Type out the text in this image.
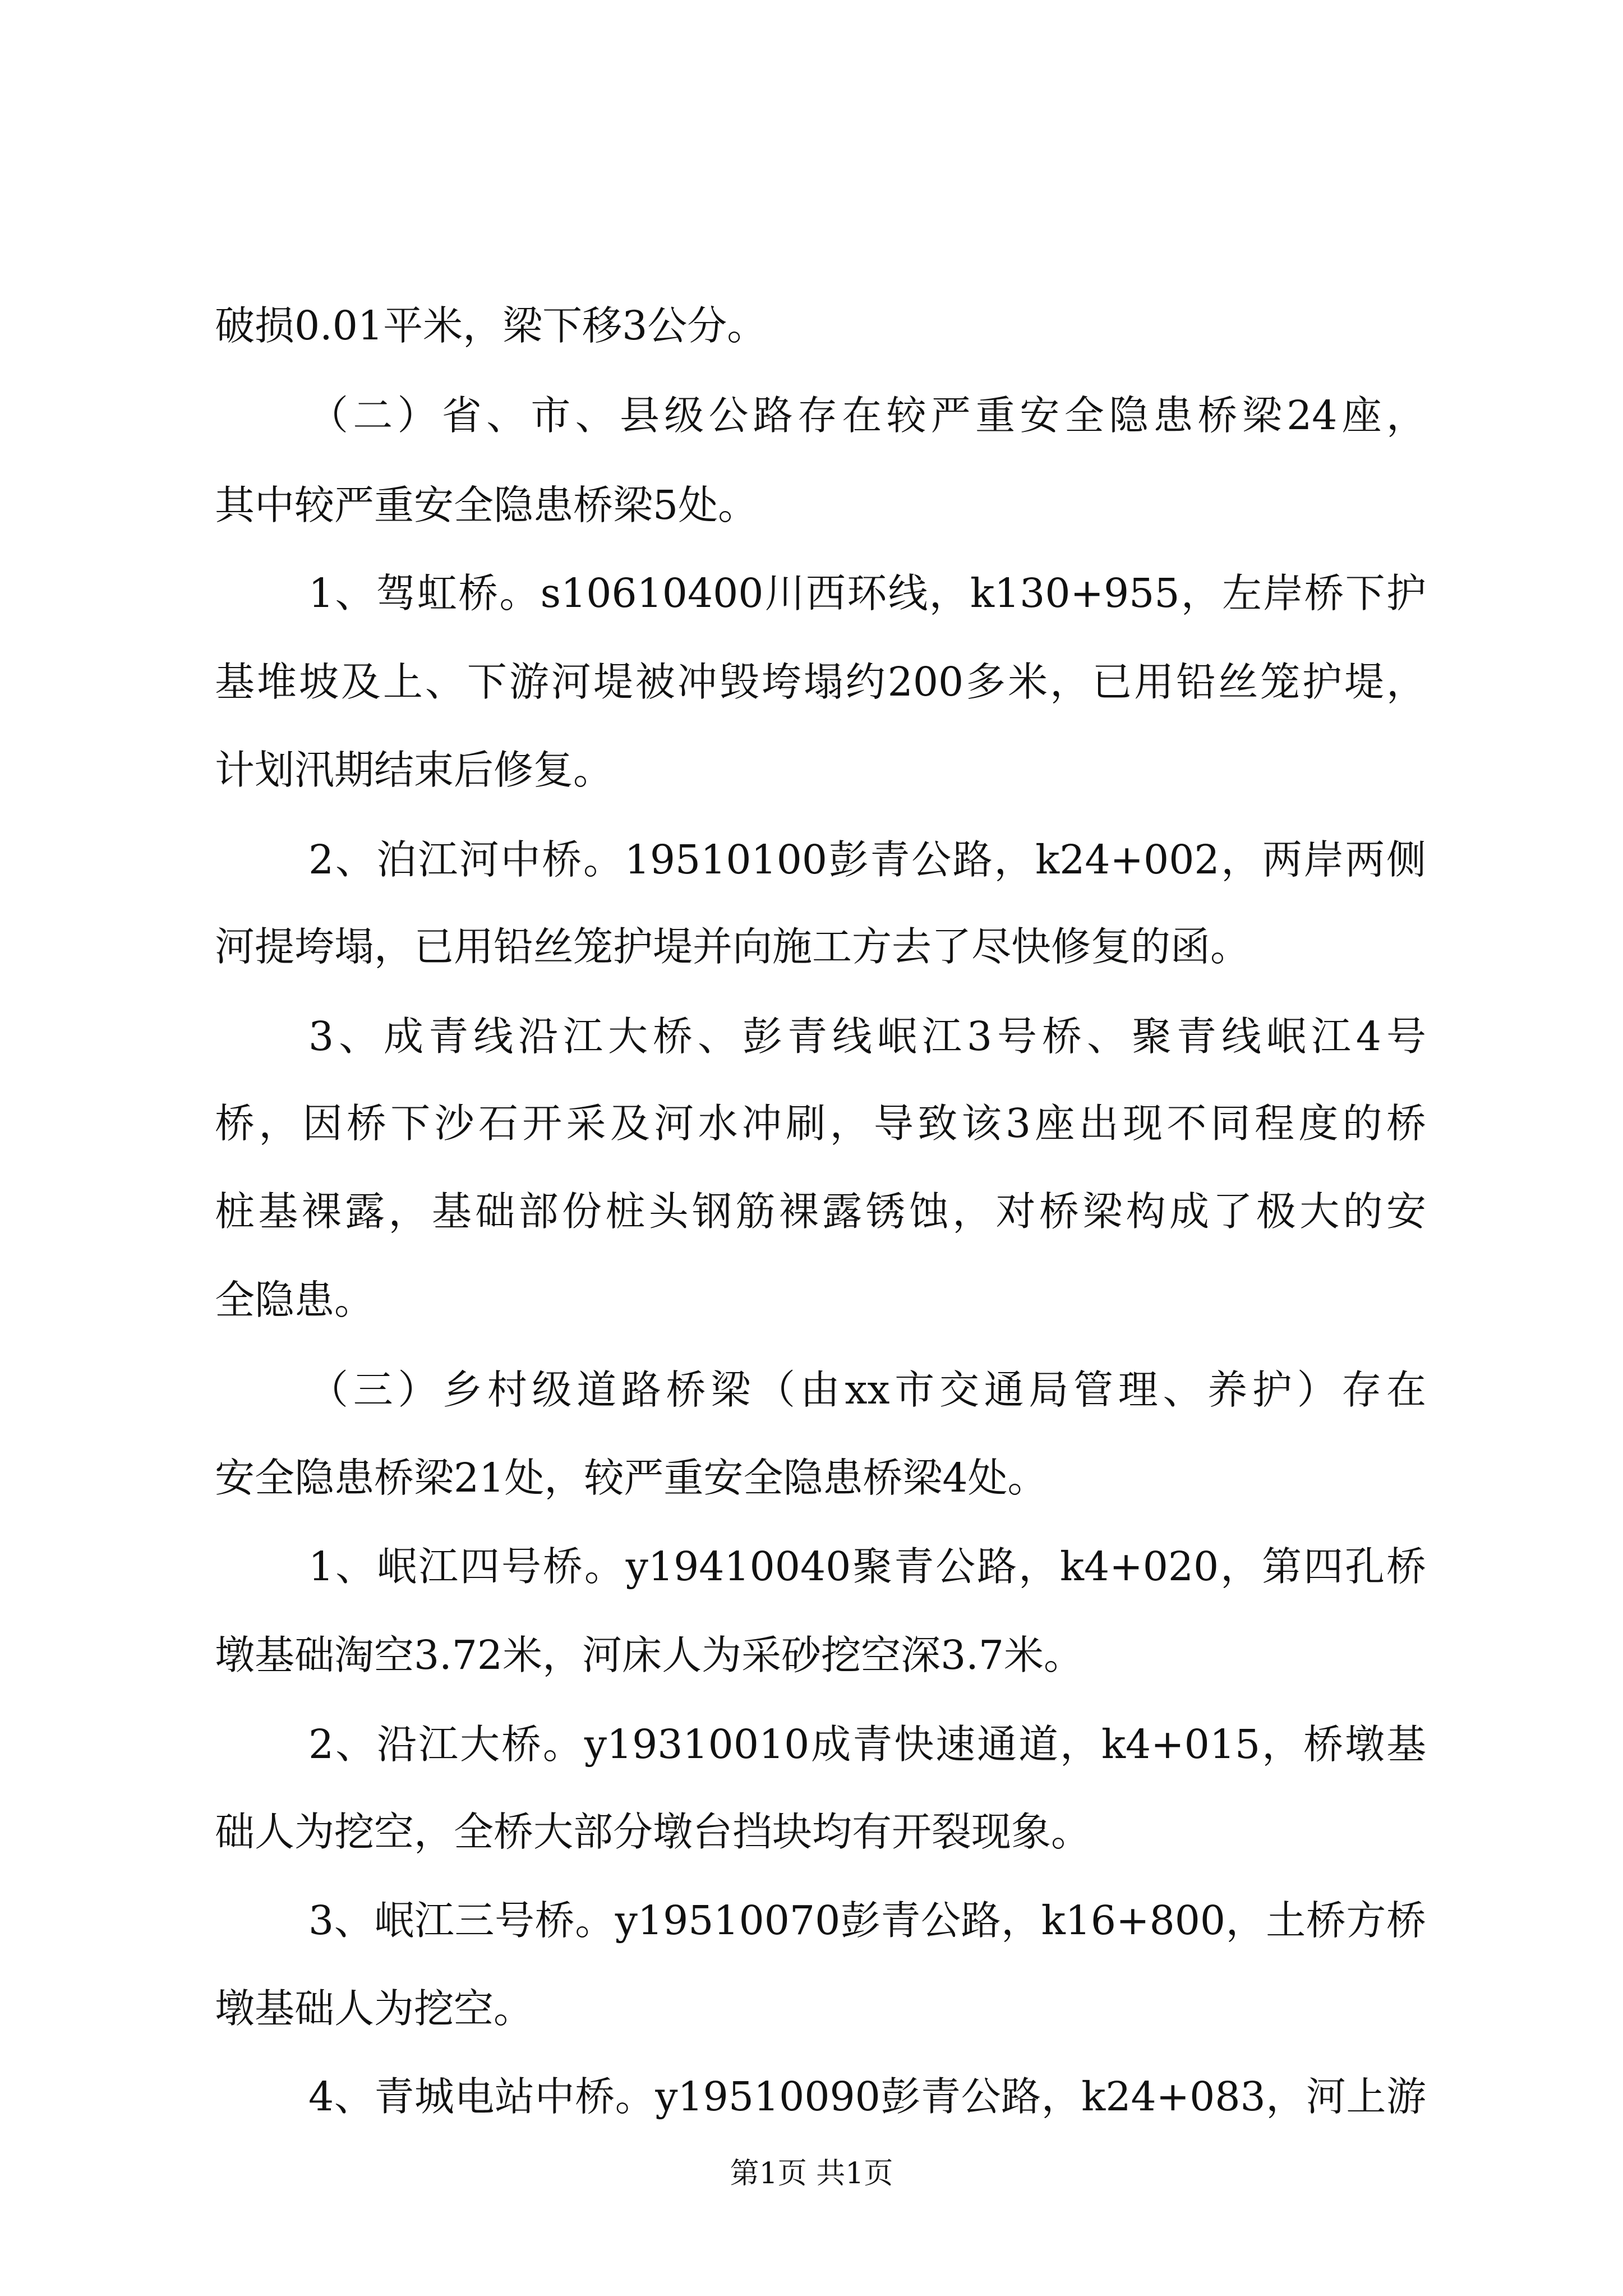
破损0.01平米，梁下移3公分。
（二）省、市、县级公路存在较严重安全隐患桥梁24座，
其中较严重安全隐患桥梁5处。
1、驾虹桥。s10610400川西环线，k130+955，左岸桥下护
基堆坡及上、下游河堤被冲毁垮塌约200多米，已用铅丝笼护堤，
计划汛期结束后修复。
2、泊江河中桥。19510100彭青公路，k24+002，两岸两侧
河提垮塌，已用铅丝笼护堤并向施工方去了尽快修复的函。
3、成青线沿江大桥、彭青线岷江3号桥、聚青线岷江4号
桥，因桥下沙石开采及河水冲刷，导致该3座出现不同程度的桥
桩基裸露，基础部份桩头钢筋裸露锈蚀，对桥梁构成了极大的安
全隐患。
（三）乡村级道路桥梁（由xx市交通局管理、养护）存在
安全隐患桥梁21处，较严重安全隐患桥梁4处。
1、岷江四号桥。y19410040聚青公路，k4+020，第四孔桥
墩基础淘空3.72米，河床人为采砂挖空深3.7米。
2、沿江大桥。y19310010成青快速通道，k4+015，桥墩基
础人为挖空，全桥大部分墩台挡块均有开裂现象。
3、岷江三号桥。y19510070彭青公路，k16+800，土桥方桥
墩基础人为挖空。
4、青城电站中桥。y19510090彭青公路，k24+083，河上游
第1页 共1页
